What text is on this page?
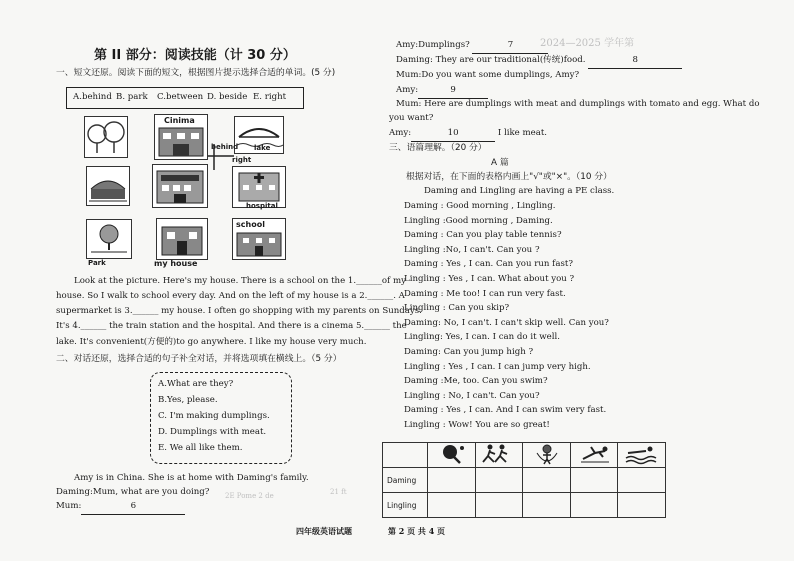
2024—2025 学年第
21 ft
2E Pome 2 de
第 II 部分：阅读技能（计 30 分）
一、短文还原。阅读下面的短文，根据图片提示选择合适的单词。(5 分)
A.behind B. park C.between D. beside E. right
Cinima
lake
behind
right
hospital
Park	my house
school
Look at the picture. Here's my house. There is a school on the 1.______of my
house. So I walk to school every day. And on the left of my house is a 2.______. A
supermarket is 3.______ my house. I often go shopping with my parents on Sundays.
It's 4.______ the train station and the hospital. And there is a cinema 5.______ the
lake. It's convenient(方便的)to go anywhere. I like my house very much.
二、对话还原，选择合适的句子补全对话，并将选项填在横线上。（5 分）
A.What are they?
B.Yes, please.
C. I'm making dumplings.
D. Dumplings with meat.
E. We all like them.
Amy is in China. She is at home with Daming's family.
Daming:Mum, what are you doing?
Mum:	6
四年级英语试题
Amy:Dumplings?	7
Daming: They are our traditional(传统)food.	8
Mum:Do you want some dumplings, Amy?
Amy:	9
Mum: Here are dumplings with meat and dumplings with tomato and egg. What do
you want?
Amy:	10	I like meat.
三、语篇理解。（20 分）
A 篇
根据对话，在下面的表格内画上"√"或"×"。（10 分）
Daming and Lingling are having a PE class.
Daming : Good morning , Lingling.
Lingling :Good morning , Daming.
Daming : Can you play table tennis?
Lingling :No, I can't. Can you ?
Daming : Yes , I can. Can you run fast?
Lingling : Yes , I can. What about you ?
Daming : Me too! I can run very fast.
Lingling : Can you skip?
Daming: No, I can't. I can't skip well. Can you?
Lingling: Yes, I can. I can do it well.
Daming: Can you jump high ?
Lingling : Yes , I can. I can jump very high.
Daming :Me, too. Can you swim?
Lingling : No, I can't. Can you?
Daming : Yes , I can. And I can swim very fast.
Lingling : Wow! You are so great!

Daming					
Lingling					
第 2 页 共 4 页
